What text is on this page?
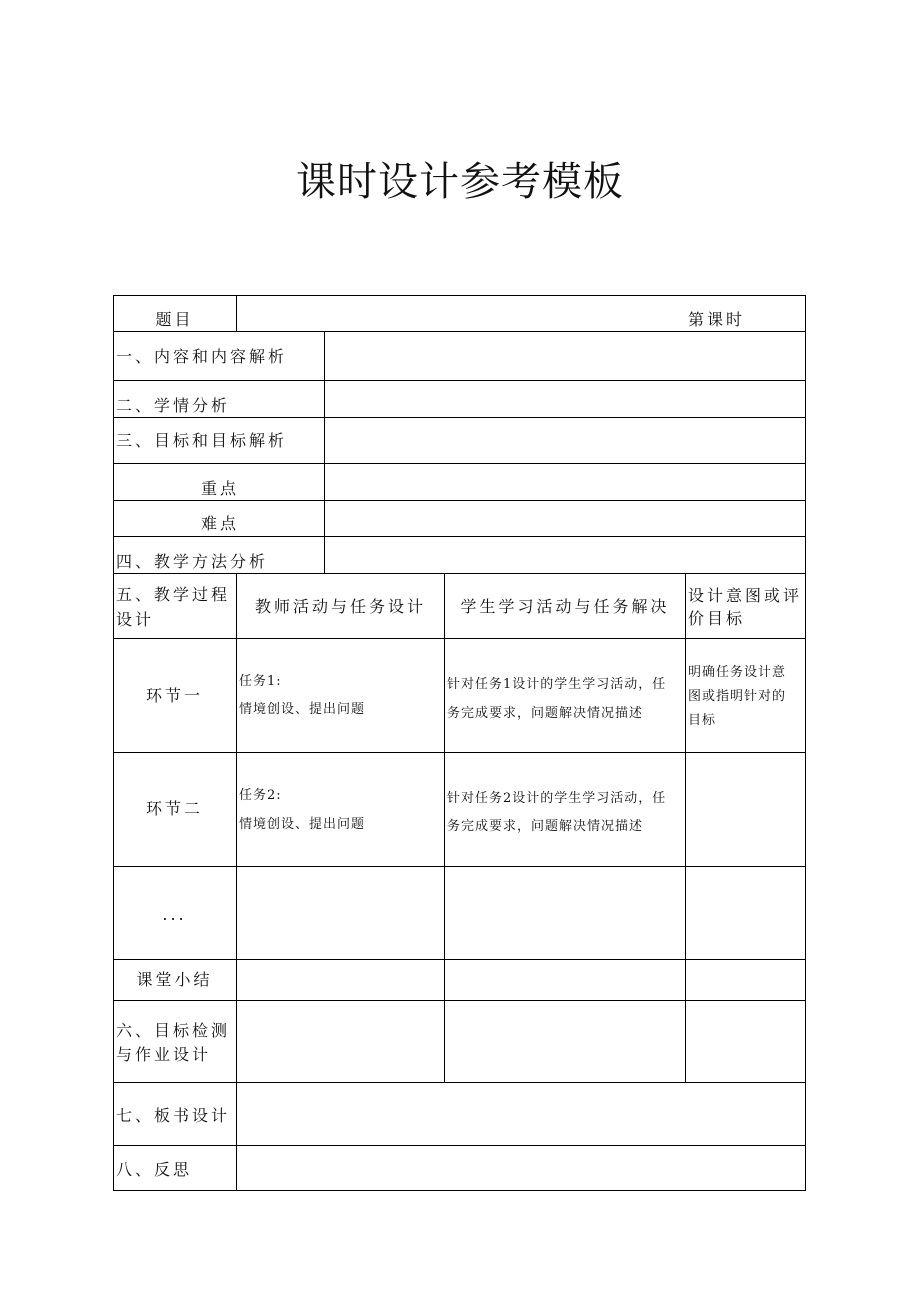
课时设计参考模板
题目	第课时
一、内容和内容解析
二、学情分析
三、目标和目标解析
重点
难点
四、教学方法分析
五、教学过程
设计
教师活动与任务设计	学生学习活动与任务解决
设计意图或评
价目标
环节一
任务1:
情境创设、提出问题
针对任务1设计的学生学习活动，任
务完成要求，问题解决情况描述
明确任务设计意
图或指明针对的
目标
环节二
任务2:
情境创设、提出问题
针对任务2设计的学生学习活动，任
务完成要求，问题解决情况描述
...
课堂小结
六、目标检测
与作业设计
七、板书设计
八、反思
